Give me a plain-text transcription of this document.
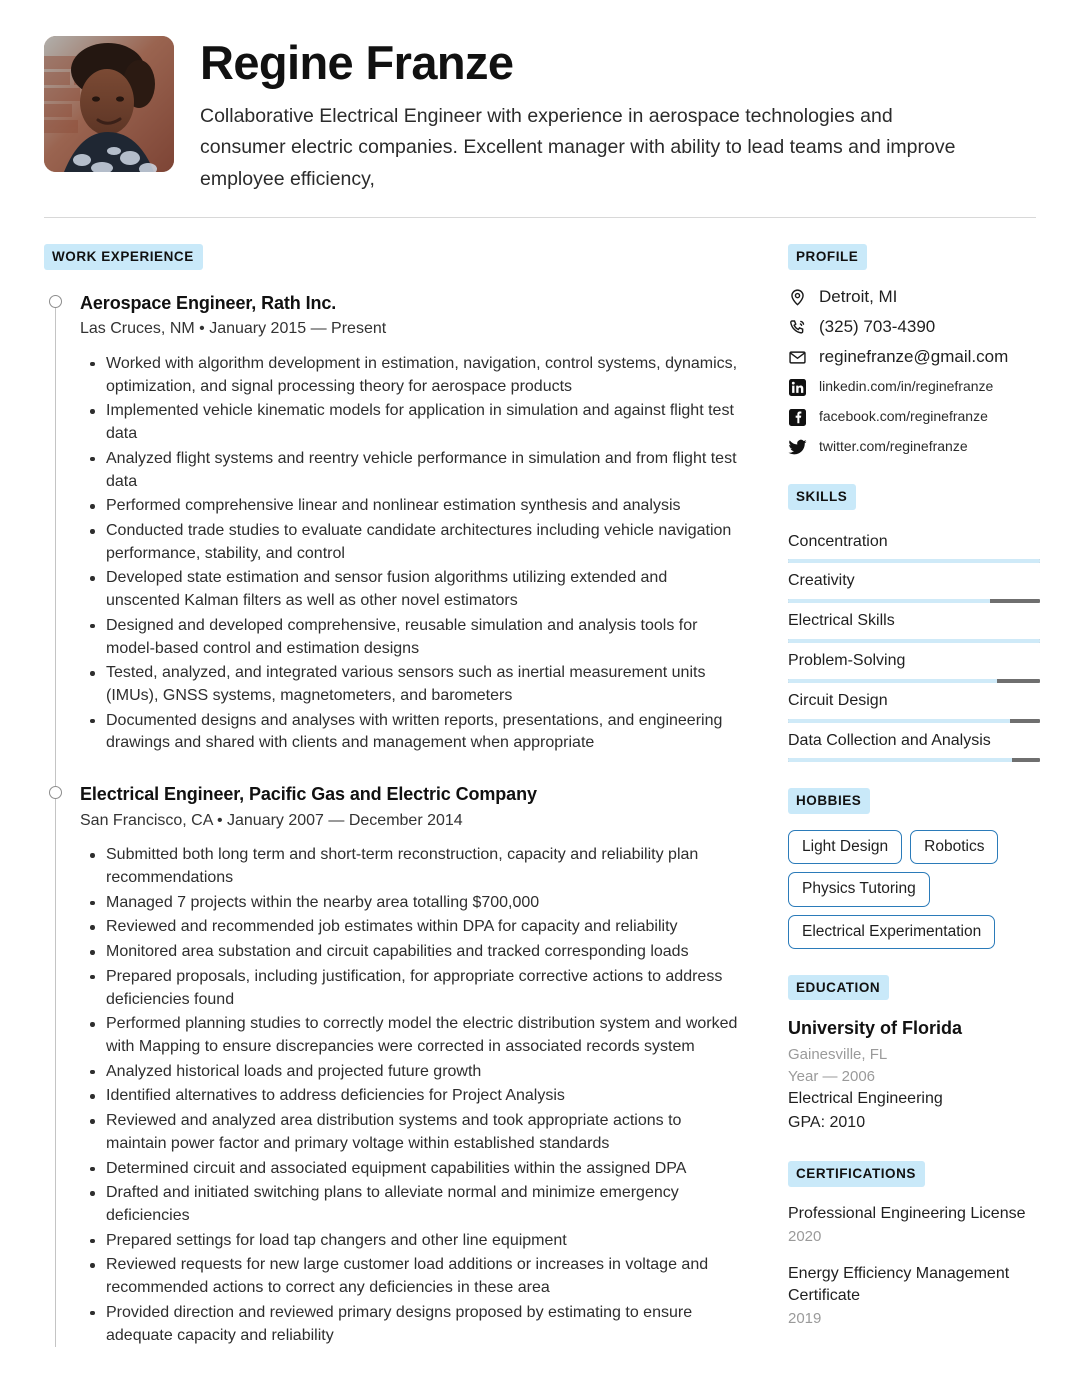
Regine Franze
Collaborative Electrical Engineer with experience in aerospace technologies and consumer electric companies. Excellent manager with ability to lead teams and improve employee efficiency,
WORK EXPERIENCE
Aerospace Engineer, Rath Inc.
Las Cruces, NM • January 2015 — Present
Worked with algorithm development in estimation, navigation, control systems, dynamics, optimization, and signal processing theory for aerospace products
Implemented vehicle kinematic models for application in simulation and against flight test data
Analyzed flight systems and reentry vehicle performance in simulation and from flight test data
Performed comprehensive linear and nonlinear estimation synthesis and analysis
Conducted trade studies to evaluate candidate architectures including vehicle navigation performance, stability, and control
Developed state estimation and sensor fusion algorithms utilizing extended and unscented Kalman filters as well as other novel estimators
Designed and developed comprehensive, reusable simulation and analysis tools for model-based control and estimation designs
Tested, analyzed, and integrated various sensors such as inertial measurement units (IMUs), GNSS systems, magnetometers, and barometers
Documented designs and analyses with written reports, presentations, and engineering drawings and shared with clients and management when appropriate
Electrical Engineer, Pacific Gas and Electric Company
San Francisco, CA • January 2007 — December 2014
Submitted both long term and short-term reconstruction, capacity and reliability plan recommendations
Managed 7 projects within the nearby area totalling $700,000
Reviewed and recommended job estimates within DPA for capacity and reliability
Monitored area substation and circuit capabilities and tracked corresponding loads
Prepared proposals, including justification, for appropriate corrective actions to address deficiencies found
Performed planning studies to correctly model the electric distribution system and worked with Mapping to ensure discrepancies were corrected in associated records system
Analyzed historical loads and projected future growth
Identified alternatives to address deficiencies for Project Analysis
Reviewed and analyzed area distribution systems and took appropriate actions to maintain power factor and primary voltage within established standards
Determined circuit and associated equipment capabilities within the assigned DPA
Drafted and initiated switching plans to alleviate normal and minimize emergency deficiencies
Prepared settings for load tap changers and other line equipment
Reviewed requests for new large customer load additions or increases in voltage and recommended actions to correct any deficiencies in these area
Provided direction and reviewed primary designs proposed by estimating to ensure adequate capacity and reliability
PROFILE
Detroit, MI
(325) 703-4390
reginefranze@gmail.com
linkedin.com/in/reginefranze
facebook.com/reginefranze
twitter.com/reginefranze
SKILLS
Concentration
Creativity
Electrical Skills
Problem-Solving
Circuit Design
Data Collection and Analysis
HOBBIES
Light Design	Robotics
Physics Tutoring
Electrical Experimentation
EDUCATION
University of Florida
Gainesville, FL
Year — 2006
Electrical Engineering
GPA: 2010
CERTIFICATIONS
Professional Engineering License
2020
Energy Efficiency Management Certificate
2019
